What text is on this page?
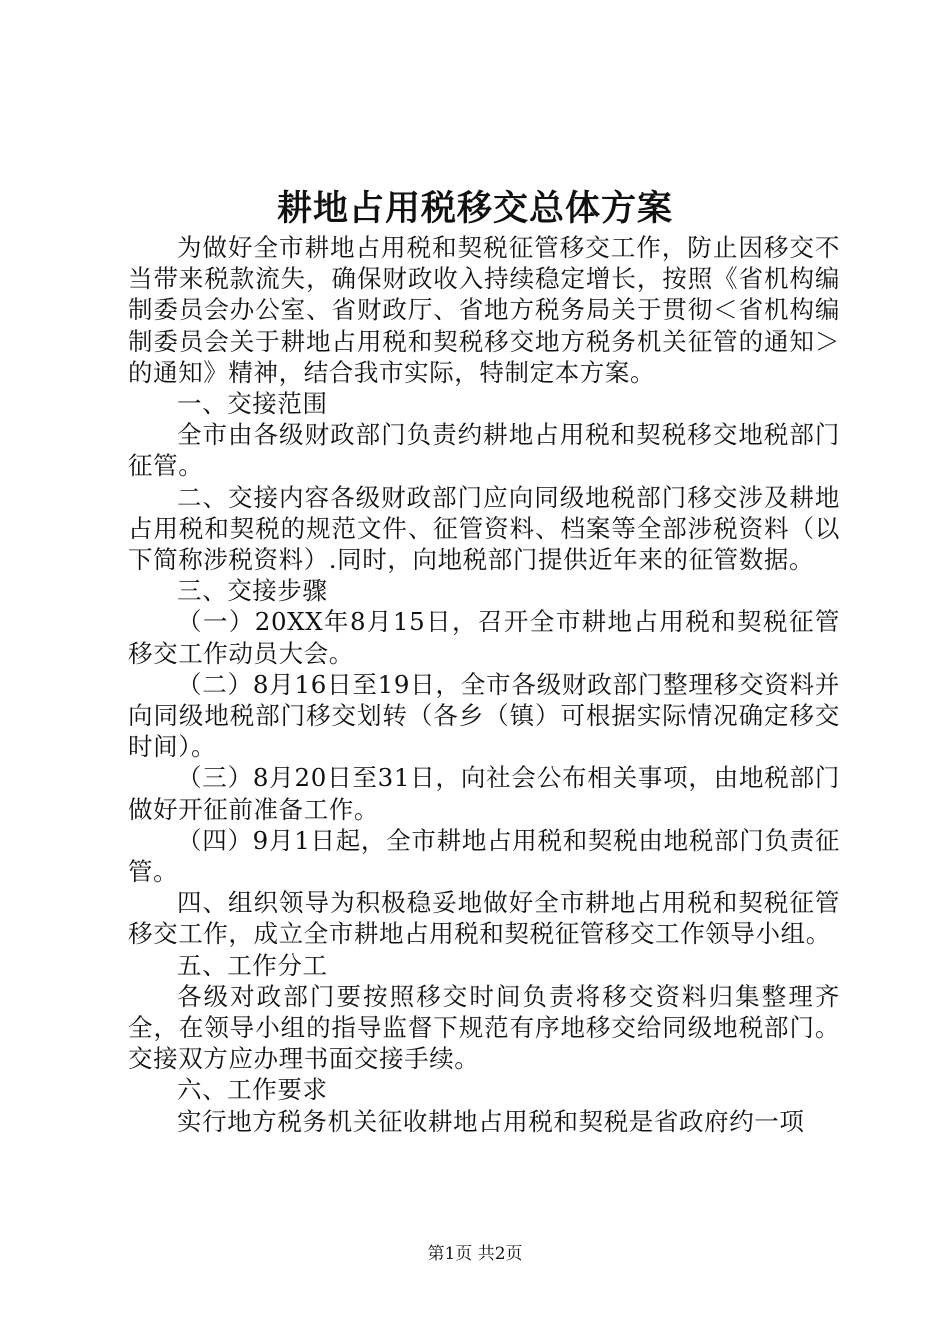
耕地占用税移交总体方案

为做好全市耕地占用税和契税征管移交工作，防止因移交不当带来税款流失，确保财政收入持续稳定增长，按照《省机构编制委员会办公室、省财政厅、省地方税务局关于贯彻＜省机构编制委员会关于耕地占用税和契税移交地方税务机关征管的通知＞的通知》精神，结合我市实际，特制定本方案。

一、交接范围

全市由各级财政部门负责约耕地占用税和契税移交地税部门征管。

二、交接内容各级财政部门应向同级地税部门移交涉及耕地占用税和契税的规范文件、征管资料、档案等全部涉税资料（以下简称涉税资料）.同时，向地税部门提供近年来的征管数据。

三、交接步骤

（一）20XX年8月15日，召开全市耕地占用税和契税征管移交工作动员大会。

（二）8月16日至19日，全市各级财政部门整理移交资料并向同级地税部门移交划转（各乡（镇）可根据实际情况确定移交时间）。

（三）8月20日至31日，向社会公布相关事项，由地税部门做好开征前准备工作。

（四）9月1日起，全市耕地占用税和契税由地税部门负责征管。

四、组织领导为积极稳妥地做好全市耕地占用税和契税征管移交工作，成立全市耕地占用税和契税征管移交工作领导小组。

五、工作分工

各级对政部门要按照移交时间负责将移交资料归集整理齐全，在领导小组的指导监督下规范有序地移交给同级地税部门。交接双方应办理书面交接手续。

六、工作要求

实行地方税务机关征收耕地占用税和契税是省政府约一项

第1页 共2页
